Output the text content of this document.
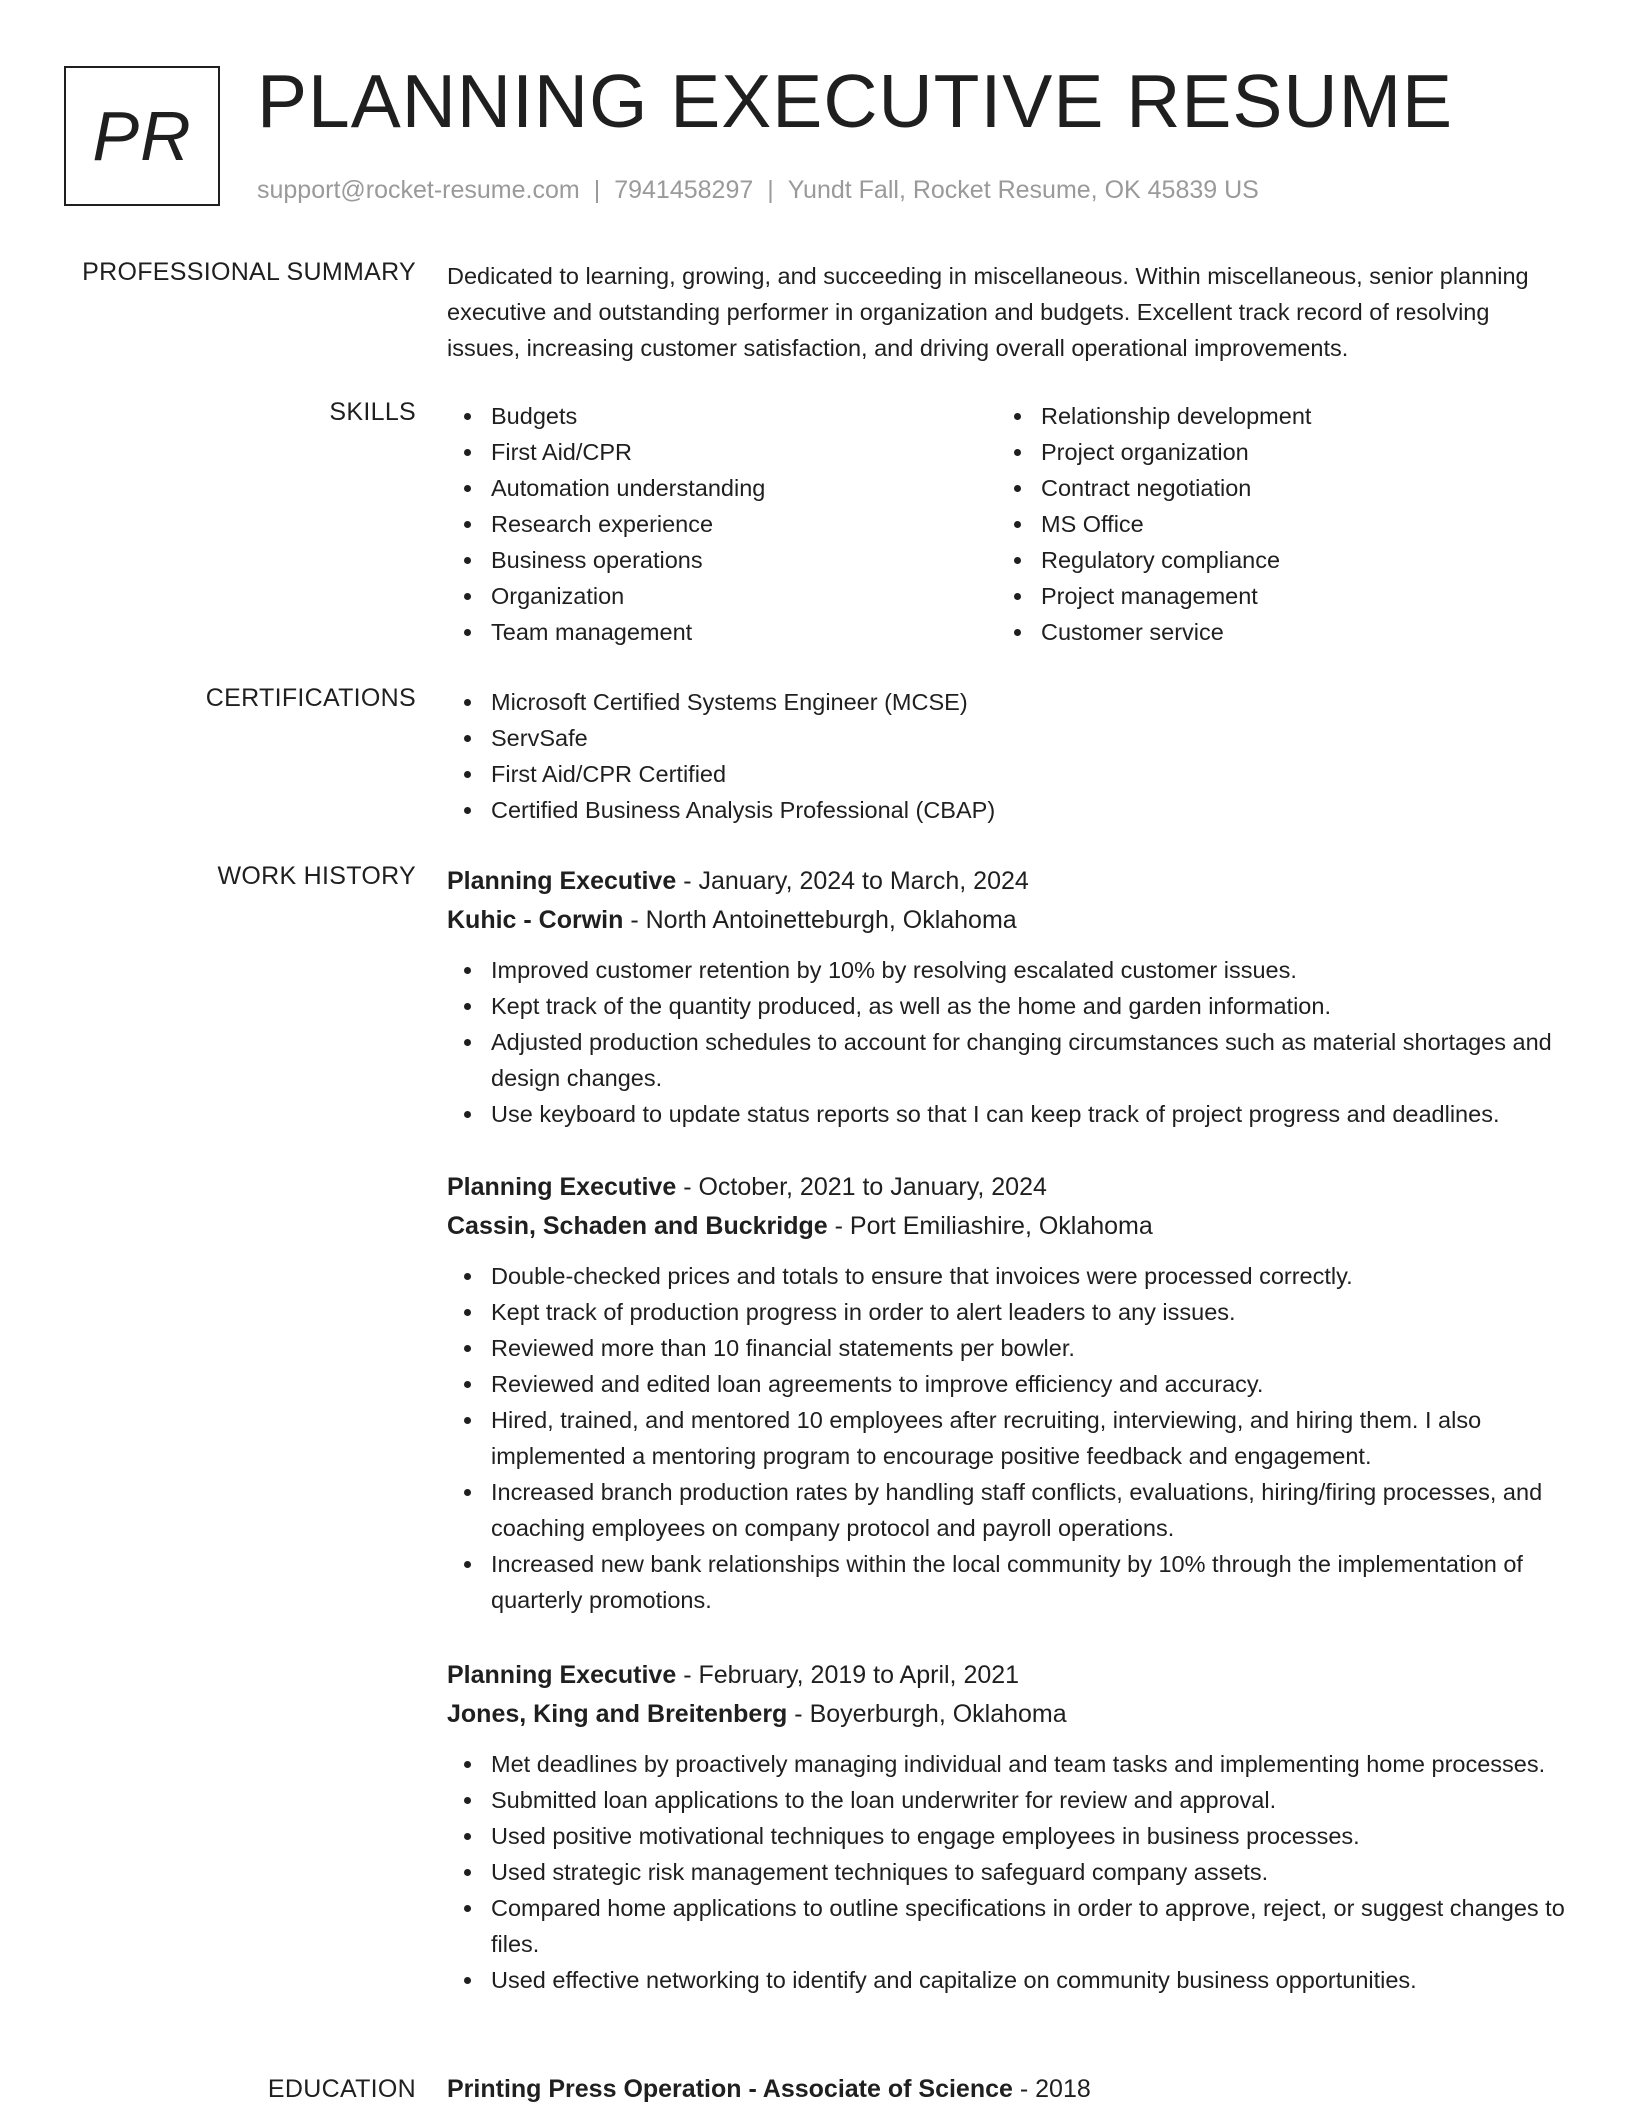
PR PLANNING EXECUTIVE RESUME
support@rocket-resume.com | 7941458297 | Yundt Fall, Rocket Resume, OK 45839 US
PROFESSIONAL SUMMARY Dedicated to learning, growing, and succeeding in miscellaneous. Within miscellaneous, senior planning executive and outstanding performer in organization and budgets. Excellent track record of resolving issues, increasing customer satisfaction, and driving overall operational improvements.
SKILLS	Budgets
First Aid/CPR
Automation understanding
Research experience
Business operations
Organization
Team management
Relationship development
Project organization
Contract negotiation
MS Office
Regulatory compliance
Project management
Customer service
CERTIFICATIONS	Microsoft Certified Systems Engineer (MCSE)
ServSafe
First Aid/CPR Certified
Certified Business Analysis Professional (CBAP)
WORK HISTORY Planning Executive - January, 2024 to March, 2024
Kuhic - Corwin - North Antoinetteburgh, Oklahoma
Improved customer retention by 10% by resolving escalated customer issues.
Kept track of the quantity produced, as well as the home and garden information.
Adjusted production schedules to account for changing circumstances such as material shortages and design changes.
Use keyboard to update status reports so that I can keep track of project progress and deadlines.
Planning Executive - October, 2021 to January, 2024
Cassin, Schaden and Buckridge - Port Emiliashire, Oklahoma
Double-checked prices and totals to ensure that invoices were processed correctly.
Kept track of production progress in order to alert leaders to any issues.
Reviewed more than 10 financial statements per bowler.
Reviewed and edited loan agreements to improve efficiency and accuracy.
Hired, trained, and mentored 10 employees after recruiting, interviewing, and hiring them. I also implemented a mentoring program to encourage positive feedback and engagement.
Increased branch production rates by handling staff conflicts, evaluations, hiring/firing processes, and coaching employees on company protocol and payroll operations.
Increased new bank relationships within the local community by 10% through the implementation of quarterly promotions.
Planning Executive - February, 2019 to April, 2021
Jones, King and Breitenberg - Boyerburgh, Oklahoma
Met deadlines by proactively managing individual and team tasks and implementing home processes.
Submitted loan applications to the loan underwriter for review and approval.
Used positive motivational techniques to engage employees in business processes.
Used strategic risk management techniques to safeguard company assets.
Compared home applications to outline specifications in order to approve, reject, or suggest changes to files.
Used effective networking to identify and capitalize on community business opportunities.
EDUCATION Printing Press Operation - Associate of Science - 2018
